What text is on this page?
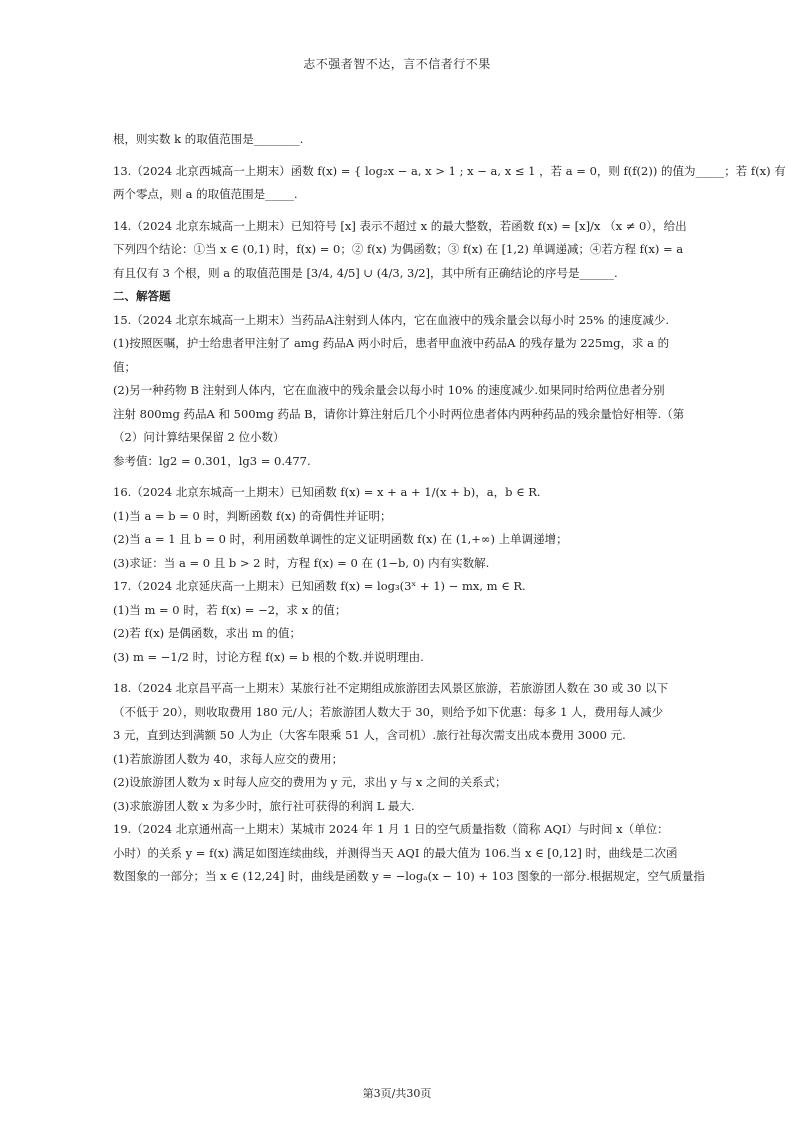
志不强者智不达，言不信者行不果
根，则实数 k 的取值范围是________.
13.（2024 北京西城高一上期末）函数 f(x) = { log₂x − a, x > 1 ; x − a, x ≤ 1 ，若 a = 0，则 f(f(2)) 的值为_____；若 f(x) 有
两个零点，则 a 的取值范围是_____.
14.（2024 北京东城高一上期末）已知符号 [x] 表示不超过 x 的最大整数，若函数 f(x) = [x]/x （x ≠ 0），给出
下列四个结论：①当 x ∈ (0,1) 时，f(x) = 0；② f(x) 为偶函数；③ f(x) 在 [1,2) 单调递减；④若方程 f(x) = a
有且仅有 3 个根，则 a 的取值范围是 [3/4, 4/5] ∪ (4/3, 3/2]，其中所有正确结论的序号是______.
二、解答题
15.（2024 北京东城高一上期末）当药品A注射到人体内，它在血液中的残余量会以每小时 25% 的速度减少.
(1)按照医嘱，护士给患者甲注射了 amg 药品A 两小时后，患者甲血液中药品A 的残存量为 225mg，求 a 的
值；
(2)另一种药物 B 注射到人体内，它在血液中的残余量会以每小时 10% 的速度减少.如果同时给两位患者分别
注射 800mg 药品A 和 500mg 药品 B，请你计算注射后几个小时两位患者体内两种药品的残余量恰好相等.（第
（2）问计算结果保留 2 位小数）
参考值：lg2 = 0.301，lg3 = 0.477.
16.（2024 北京东城高一上期末）已知函数 f(x) = x + a + 1/(x + b)，a，b ∈ R.
(1)当 a = b = 0 时，判断函数 f(x) 的奇偶性并证明；
(2)当 a = 1 且 b = 0 时，利用函数单调性的定义证明函数 f(x) 在 (1,+∞) 上单调递增；
(3)求证：当 a = 0 且 b > 2 时，方程 f(x) = 0 在 (1−b, 0) 内有实数解.
17.（2024 北京延庆高一上期末）已知函数 f(x) = log₃(3ˣ + 1) − mx, m ∈ R.
(1)当 m = 0 时，若 f(x) = −2，求 x 的值；
(2)若 f(x) 是偶函数，求出 m 的值；
(3) m = −1/2 时，讨论方程 f(x) = b 根的个数.并说明理由.
18.（2024 北京昌平高一上期末）某旅行社不定期组成旅游团去风景区旅游，若旅游团人数在 30 或 30 以下
（不低于 20），则收取费用 180 元/人；若旅游团人数大于 30，则给予如下优惠：每多 1 人，费用每人减少
3 元，直到达到满额 50 人为止（大客车限乘 51 人，含司机）.旅行社每次需支出成本费用 3000 元.
(1)若旅游团人数为 40，求每人应交的费用；
(2)设旅游团人数为 x 时每人应交的费用为 y 元，求出 y 与 x 之间的关系式；
(3)求旅游团人数 x 为多少时，旅行社可获得的利润 L 最大.
19.（2024 北京通州高一上期末）某城市 2024 年 1 月 1 日的空气质量指数（简称 AQI）与时间 x（单位：
小时）的关系 y = f(x) 满足如图连续曲线，并测得当天 AQI 的最大值为 106.当 x ∈ [0,12] 时，曲线是二次函
数图象的一部分；当 x ∈ (12,24] 时，曲线是函数 y = −logₐ(x − 10) + 103 图象的一部分.根据规定，空气质量指
第3页/共30页
